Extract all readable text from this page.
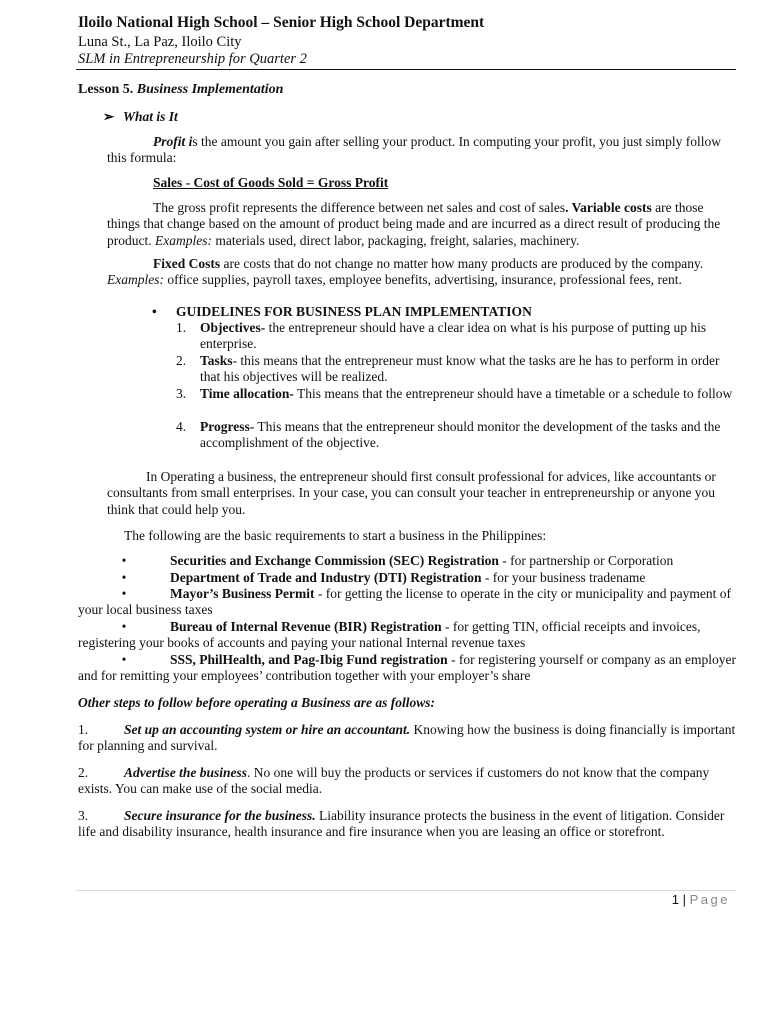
Iloilo National High School – Senior High School Department
Luna St., La Paz, Iloilo City
SLM in Entrepreneurship for Quarter 2
Lesson 5. Business Implementation
➢ What is It
Profit is the amount you gain after selling your product. In computing your profit, you just simply follow this formula:
Sales - Cost of Goods Sold = Gross Profit
The gross profit represents the difference between net sales and cost of sales. Variable costs are those things that change based on the amount of product being made and are incurred as a direct result of producing the product. Examples: materials used, direct labor, packaging, freight, salaries, machinery.
Fixed Costs are costs that do not change no matter how many products are produced by the company. Examples: office supplies, payroll taxes, employee benefits, advertising, insurance, professional fees, rent.
• GUIDELINES FOR BUSINESS PLAN IMPLEMENTATION
1. Objectives- the entrepreneur should have a clear idea on what is his purpose of putting up his enterprise.
2. Tasks- this means that the entrepreneur must know what the tasks are he has to perform in order that his objectives will be realized.
3. Time allocation- This means that the entrepreneur should have a timetable or a schedule to follow
4. Progress- This means that the entrepreneur should monitor the development of the tasks and the accomplishment of the objective.
In Operating a business, the entrepreneur should first consult professional for advices, like accountants or consultants from small enterprises. In your case, you can consult your teacher in entrepreneurship or anyone you think that could help you.
The following are the basic requirements to start a business in the Philippines:
•	Securities and Exchange Commission (SEC) Registration - for partnership or Corporation
•	Department of Trade and Industry (DTI) Registration - for your business tradename
•	Mayor’s Business Permit - for getting the license to operate in the city or municipality and payment of your local business taxes
•	Bureau of Internal Revenue (BIR) Registration - for getting TIN, official receipts and invoices, registering your books of accounts and paying your national Internal revenue taxes
•	SSS, PhilHealth, and Pag-Ibig Fund registration - for registering yourself or company as an employer and for remitting your employees’ contribution together with your employer’s share
Other steps to follow before operating a Business are as follows:
1.	Set up an accounting system or hire an accountant. Knowing how the business is doing financially is important for planning and survival.
2.	Advertise the business. No one will buy the products or services if customers do not know that the company exists. You can make use of the social media.
3.	Secure insurance for the business. Liability insurance protects the business in the event of litigation. Consider life and disability insurance, health insurance and fire insurance when you are leasing an office or storefront.
1 | Page
